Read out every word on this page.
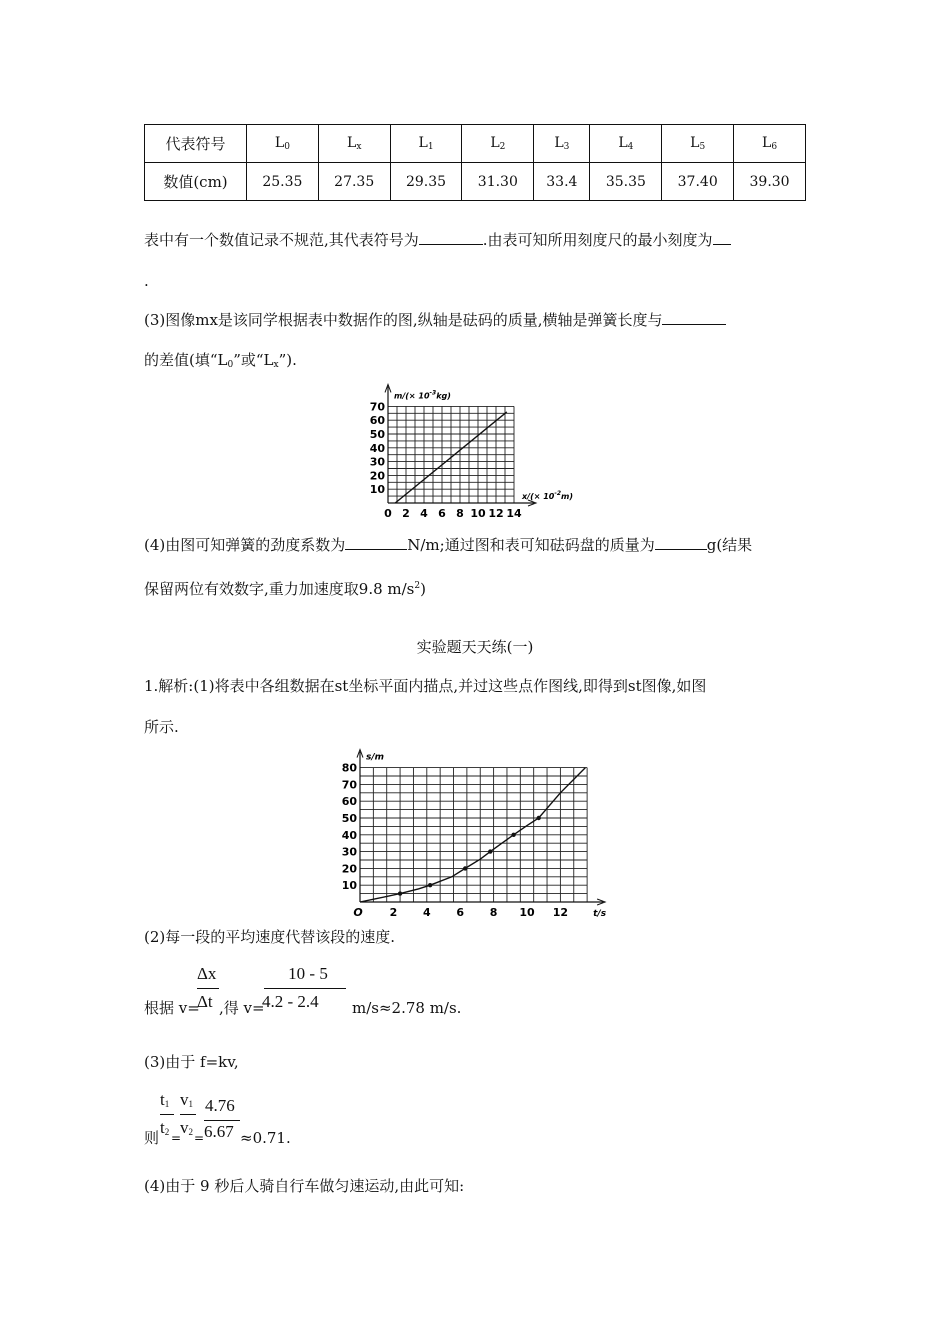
代表符号	$L_0$	$L_x$	$L_1$	$L_2$	$L_3$	$L_4$	$L_5$	$L_6$
数值(cm)	25.35	27.35	29.35	31.30	33.4	35.35	37.40	39.30
表中有一个数值记录不规范,其代表符号为	.由表可知所用刻度尺的最小刻度为
.
(3)图像mx是该同学根据表中数据作的图,纵轴是砝码的质量,横轴是弹簧长度与
的差值(填“$L_0$”或“$L_x$”).
2 4 6 8 10 12 14
0
10
20
30
40
50
60
70
$m/(\times 10^{-3}kg)$
$x/(\times 10^{-2}m)$
(4)由图可知弹簧的劲度系数为	N/m;通过图和表可知砝码盘的质量为	g(结果
保留两位有效数字,重力加速度取9.8 $m/s^2$)
实验题天天练(一)
1.解析:(1)将表中各组数据在st坐标平面内描点,并过这些点作图线,即得到st图像,如图
所示.
2 4 6 8 10 12
O
10
20
30
40
50
60
70
80
s/m
t/s
(2)每一段的平均速度代替该段的速度.
根据 v=
Δx
Δt ,得 v=
10 - 5
4.2 - 2.4 m/s≈2.78 m/s.
(3)由于 f=kv,
则
$t_1$
$t_2$ =
$v_1$
$v_2$ =
4.76
6.67 ≈0.71.
(4)由于 9 秒后人骑自行车做匀速运动,由此可知:
